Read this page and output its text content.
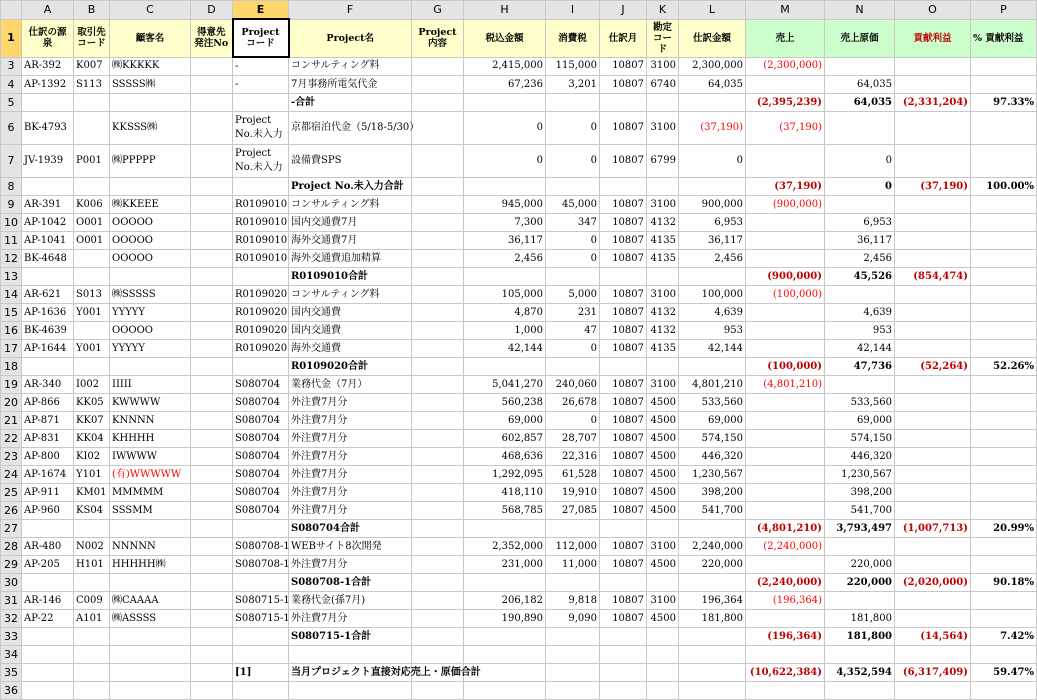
	A	B	C	D	E	F	G	H	I	J	K	L	M	N	O	P
1	仕訳の源泉	取引先コード	顧客名	得意先発注No	Project コード	Project名	Project 内容	税込金額	消費税	仕訳月	勘定コード	仕訳金額	売上	売上原価	貢献利益	% 貢献利益
3	AR-392	K007	㈱KKKKK		-	コンサルティング料		2,415,000	115,000	10807	3100	2,300,000	(2,300,000)			
4	AP-1392	S113	SSSSS㈱		-	7月事務所電気代金		67,236	3,201	10807	6740	64,035		64,035		
5						-合計							(2,395,239)	64,035	(2,331,204)	97.33%
6	BK-4793		KKSSS㈱		Project No.未入力	京都宿泊代金（5/18-5/30）		0	0	10807	3100	(37,190)	(37,190)			
7	JV-1939	P001	㈱PPPPP		Project No.未入力	設備費SPS		0	0	10807	6799	0		0		
8						Project No.未入力合計							(37,190)	0	(37,190)	100.00%
9	AR-391	K006	㈱KKEEE		R0109010	コンサルティング料		945,000	45,000	10807	3100	900,000	(900,000)			
10	AP-1042	O001	OOOOO		R0109010	国内交通費7月		7,300	347	10807	4132	6,953		6,953		
11	AP-1041	O001	OOOOO		R0109010	海外交通費7月		36,117	0	10807	4135	36,117		36,117		
12	BK-4648		OOOOO		R0109010	海外交通費追加精算		2,456	0	10807	4135	2,456		2,456		
13						R0109010合計							(900,000)	45,526	(854,474)	
14	AR-621	S013	㈱SSSSS		R0109020	コンサルティング料		105,000	5,000	10807	3100	100,000	(100,000)			
15	AP-1636	Y001	YYYYY		R0109020	国内交通費		4,870	231	10807	4132	4,639		4,639		
16	BK-4639		OOOOO		R0109020	国内交通費		1,000	47	10807	4132	953		953		
17	AP-1644	Y001	YYYYY		R0109020	海外交通費		42,144	0	10807	4135	42,144		42,144		
18						R0109020合計							(100,000)	47,736	(52,264)	52.26%
19	AR-340	I002	IIIII		S080704	業務代金（7月）		5,041,270	240,060	10807	3100	4,801,210	(4,801,210)			
20	AP-866	KK05	KWWWW		S080704	外注費7月分		560,238	26,678	10807	4500	533,560		533,560		
21	AP-871	KK07	KNNNN		S080704	外注費7月分		69,000	0	10807	4500	69,000		69,000		
22	AP-831	KK04	KHHHH		S080704	外注費7月分		602,857	28,707	10807	4500	574,150		574,150		
23	AP-800	KI02	IWWWW		S080704	外注費7月分		468,636	22,316	10807	4500	446,320		446,320		
24	AP-1674	Y101	(有)WWWWW		S080704	外注費7月分		1,292,095	61,528	10807	4500	1,230,567		1,230,567		
25	AP-911	KM01	MMMMM		S080704	外注費7月分		418,110	19,910	10807	4500	398,200		398,200		
26	AP-960	KS04	SSSMM		S080704	外注費7月分		568,785	27,085	10807	4500	541,700		541,700		
27						S080704合計							(4,801,210)	3,793,497	(1,007,713)	20.99%
28	AR-480	N002	NNNNN		S080708-1	WEBサイト8次開発		2,352,000	112,000	10807	3100	2,240,000	(2,240,000)			
29	AP-205	H101	HHHHH㈱		S080708-1	外注費7月分		231,000	11,000	10807	4500	220,000		220,000		
30						S080708-1合計							(2,240,000)	220,000	(2,020,000)	90.18%
31	AR-146	C009	㈱CAAAA		S080715-1	業務代金(孫7月)		206,182	9,818	10807	3100	196,364	(196,364)			
32	AP-22	A101	㈱ASSSS		S080715-1	外注費7月分		190,890	9,090	10807	4500	181,800		181,800		
33						S080715-1合計							(196,364)	181,800	(14,564)	7.42%
34																
35					[1]	当月プロジェクト直接対応売上・原価合計							(10,622,384)	4,352,594	(6,317,409)	59.47%
36																
